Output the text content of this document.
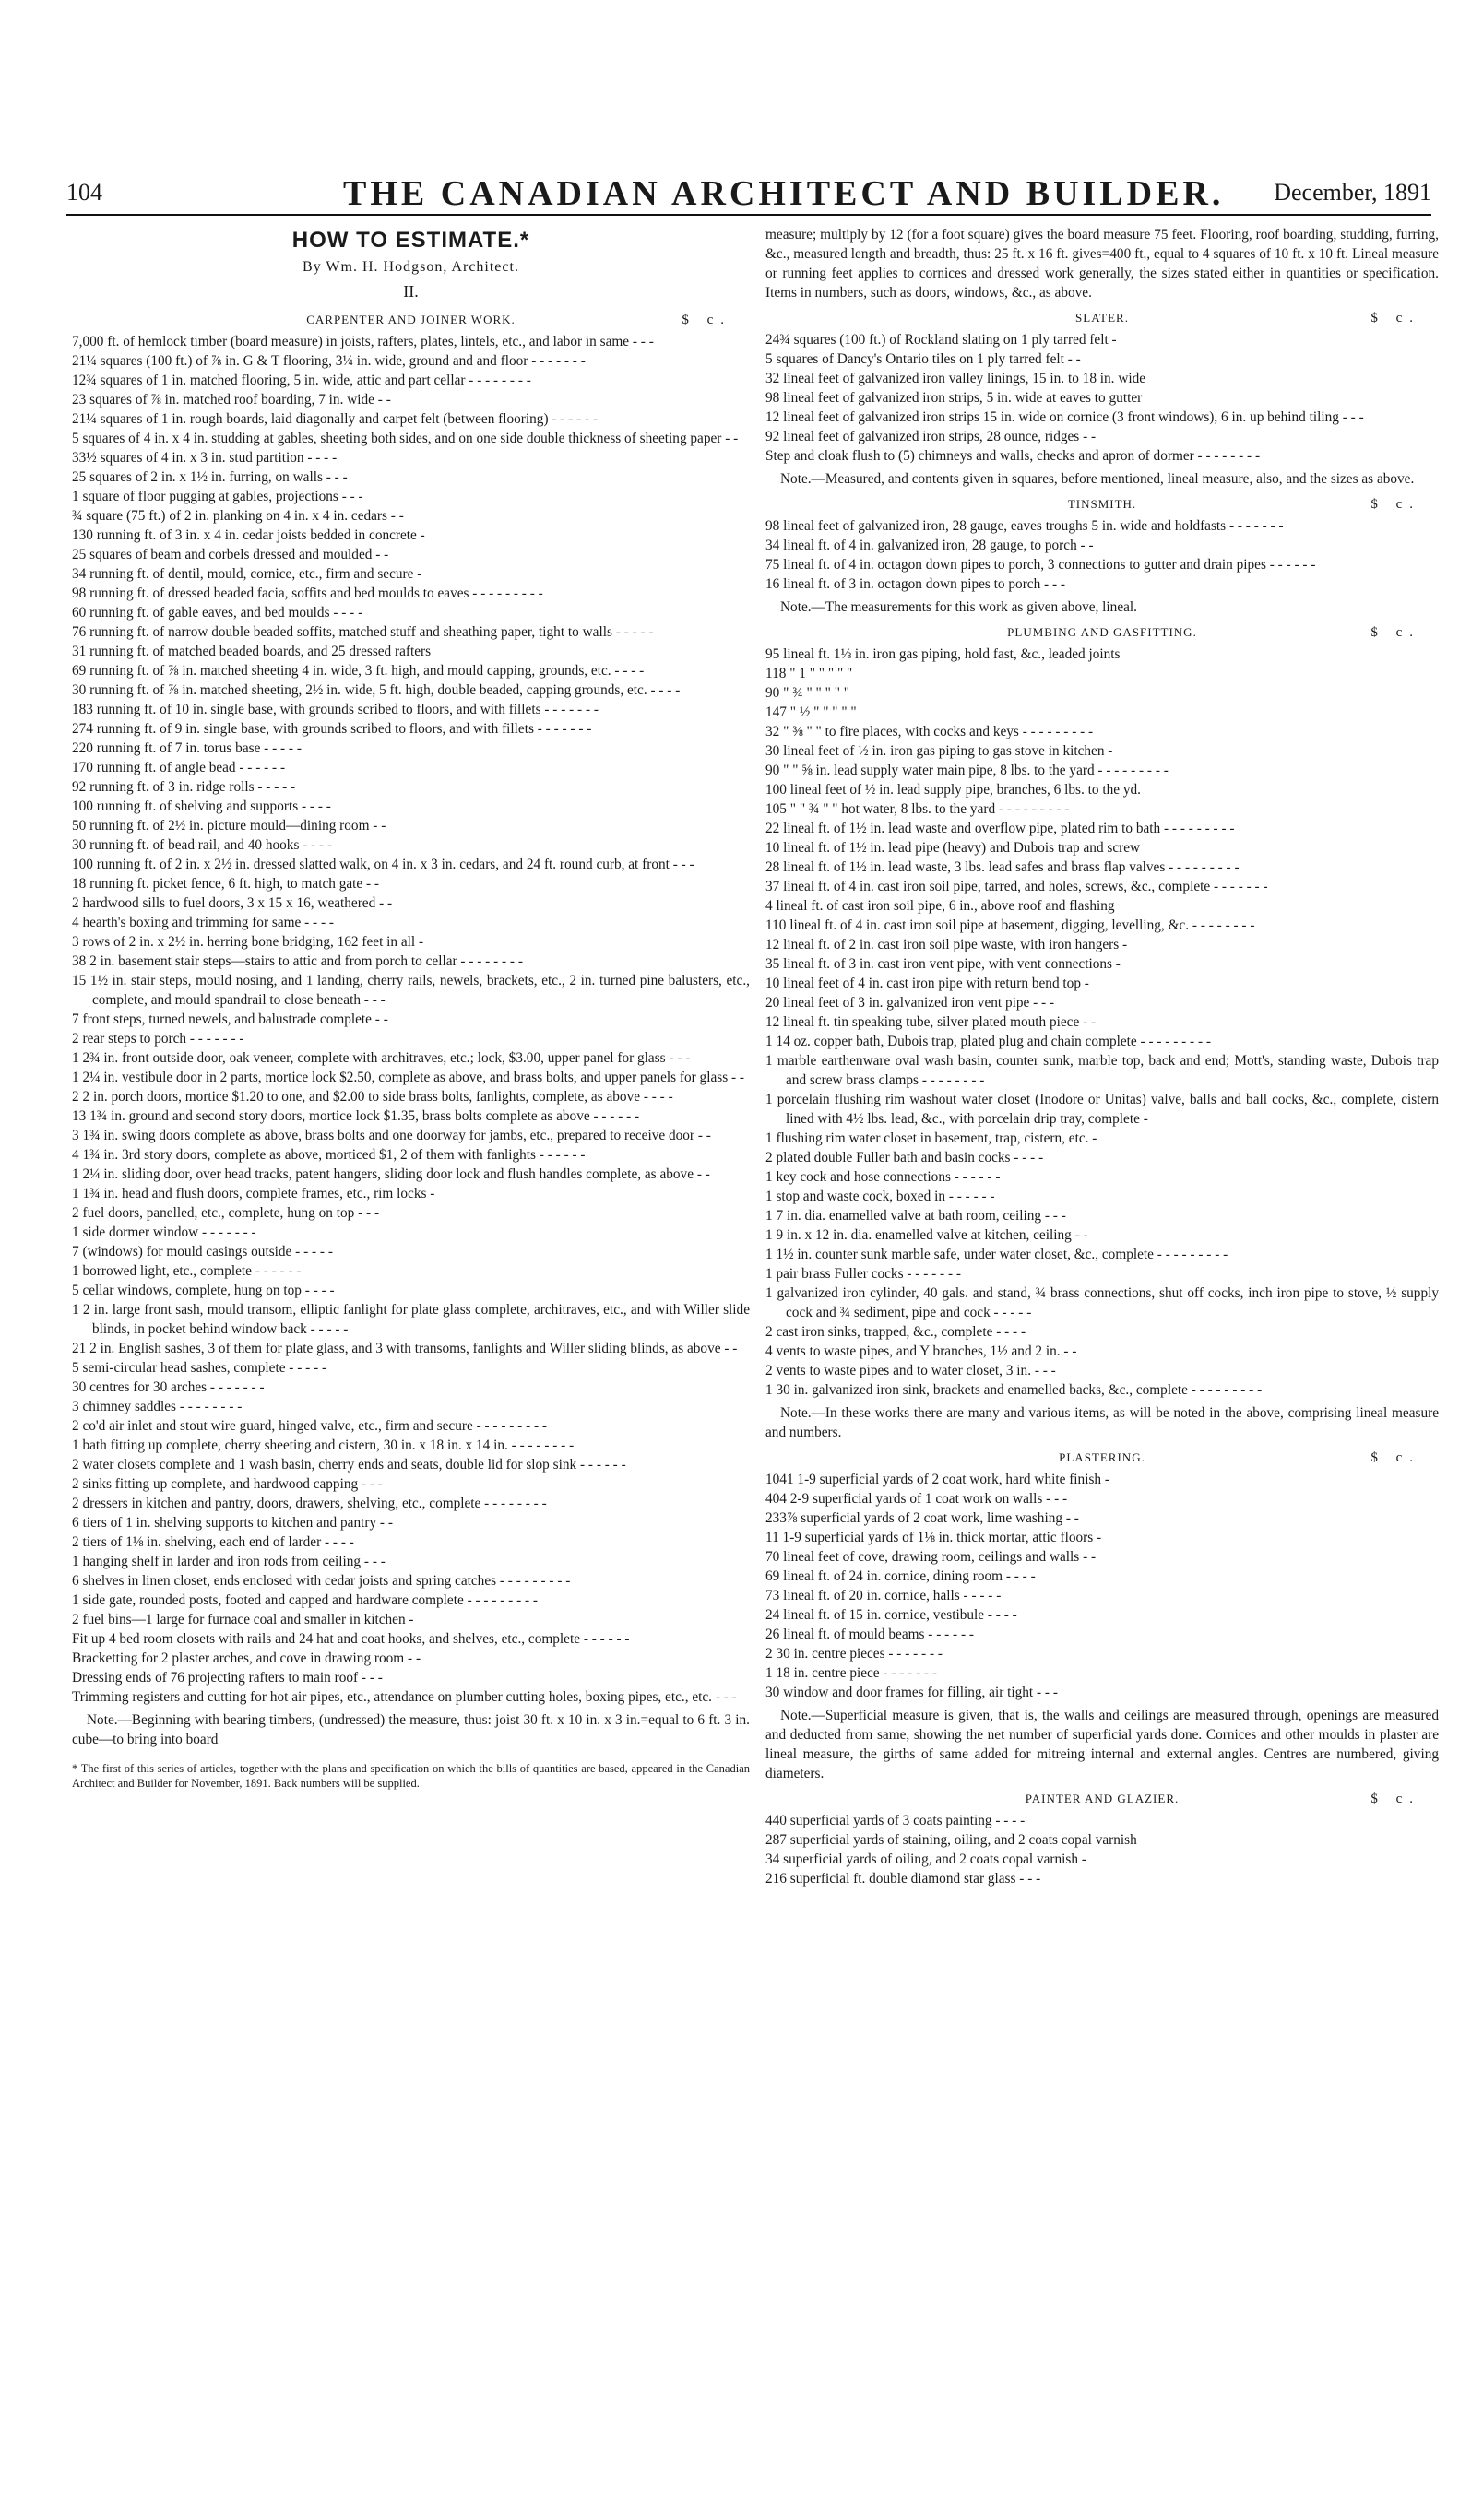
104	THE CANADIAN ARCHITECT AND BUILDER. December, 1891
HOW TO ESTIMATE.*
By Wm. H. Hodgson, Architect.
II.
CARPENTER AND JOINER WORK.	$ c.

7,000 ft. of hemlock timber (board measure) in joists, rafters, plates, lintels, etc., and labor in same - - -

21¼ squares (100 ft.) of ⅞ in. G & T flooring, 3¼ in. wide, ground and and floor - - - - - - -

12¾ squares of 1 in. matched flooring, 5 in. wide, attic and part cellar - - - - - - - -

23 squares of ⅞ in. matched roof boarding, 7 in. wide - -

21¼ squares of 1 in. rough boards, laid diagonally and carpet felt (between flooring) - - - - - -

5 squares of 4 in. x 4 in. studding at gables, sheeting both sides, and on one side double thickness of sheeting paper - -

33½ squares of 4 in. x 3 in. stud partition - - - -

25 squares of 2 in. x 1½ in. furring, on walls - - -

1 square of floor pugging at gables, projections - - -

¾ square (75 ft.) of 2 in. planking on 4 in. x 4 in. cedars - -

130 running ft. of 3 in. x 4 in. cedar joists bedded in concrete -

25 squares of beam and corbels dressed and moulded - -

34 running ft. of dentil, mould, cornice, etc., firm and secure -

98 running ft. of dressed beaded facia, soffits and bed moulds to eaves - - - - - - - - -

60 running ft. of gable eaves, and bed moulds - - - -

76 running ft. of narrow double beaded soffits, matched stuff and sheathing paper, tight to walls - - - - -

31 running ft. of matched beaded boards, and 25 dressed rafters

69 running ft. of ⅞ in. matched sheeting 4 in. wide, 3 ft. high, and mould capping, grounds, etc. - - - -

30 running ft. of ⅞ in. matched sheeting, 2½ in. wide, 5 ft. high, double beaded, capping grounds, etc. - - - -

183 running ft. of 10 in. single base, with grounds scribed to floors, and with fillets - - - - - - -

274 running ft. of 9 in. single base, with grounds scribed to floors, and with fillets - - - - - - -

220 running ft. of 7 in. torus base - - - - -

170 running ft. of angle bead - - - - - -

92 running ft. of 3 in. ridge rolls - - - - -

100 running ft. of shelving and supports - - - -

50 running ft. of 2½ in. picture mould—dining room - -

30 running ft. of bead rail, and 40 hooks - - - -

100 running ft. of 2 in. x 2½ in. dressed slatted walk, on 4 in. x 3 in. cedars, and 24 ft. round curb, at front - - -

18 running ft. picket fence, 6 ft. high, to match gate - -

2 hardwood sills to fuel doors, 3 x 15 x 16, weathered - -

4 hearth's boxing and trimming for same - - - -

3 rows of 2 in. x 2½ in. herring bone bridging, 162 feet in all -

38 2 in. basement stair steps—stairs to attic and from porch to cellar - - - - - - - -

15 1½ in. stair steps, mould nosing, and 1 landing, cherry rails, newels, brackets, etc., 2 in. turned pine balusters, etc., complete, and mould spandrail to close beneath - - -

7 front steps, turned newels, and balustrade complete - -

2 rear steps to porch - - - - - - -

1 2¾ in. front outside door, oak veneer, complete with architraves, etc.; lock, $3.00, upper panel for glass - - -

1 2¼ in. vestibule door in 2 parts, mortice lock $2.50, complete as above, and brass bolts, and upper panels for glass - -

2 2 in. porch doors, mortice $1.20 to one, and $2.00 to side brass bolts, fanlights, complete, as above - - - -

13 1¾ in. ground and second story doors, mortice lock $1.35, brass bolts complete as above - - - - - -

3 1¾ in. swing doors complete as above, brass bolts and one doorway for jambs, etc., prepared to receive door - -

4 1¾ in. 3rd story doors, complete as above, morticed $1, 2 of them with fanlights - - - - - -

1 2¼ in. sliding door, over head tracks, patent hangers, sliding door lock and flush handles complete, as above - -

1 1¾ in. head and flush doors, complete frames, etc., rim locks -

2 fuel doors, panelled, etc., complete, hung on top - - -

1 side dormer window - - - - - - -

7 (windows) for mould casings outside - - - - -

1 borrowed light, etc., complete - - - - - -

5 cellar windows, complete, hung on top - - - -

1 2 in. large front sash, mould transom, elliptic fanlight for plate glass complete, architraves, etc., and with Willer slide blinds, in pocket behind window back - - - - -

21 2 in. English sashes, 3 of them for plate glass, and 3 with transoms, fanlights and Willer sliding blinds, as above - -

5 semi-circular head sashes, complete - - - - -

30 centres for 30 arches - - - - - - -

3 chimney saddles - - - - - - - -

2 co'd air inlet and stout wire guard, hinged valve, etc., firm and secure - - - - - - - - -

1 bath fitting up complete, cherry sheeting and cistern, 30 in. x 18 in. x 14 in. - - - - - - - -

2 water closets complete and 1 wash basin, cherry ends and seats, double lid for slop sink - - - - - -

2 sinks fitting up complete, and hardwood capping - - -

2 dressers in kitchen and pantry, doors, drawers, shelving, etc., complete - - - - - - - -

6 tiers of 1 in. shelving supports to kitchen and pantry - -

2 tiers of 1⅛ in. shelving, each end of larder - - - -

1 hanging shelf in larder and iron rods from ceiling - - -

6 shelves in linen closet, ends enclosed with cedar joists and spring catches - - - - - - - - -

1 side gate, rounded posts, footed and capped and hardware complete - - - - - - - - -

2 fuel bins—1 large for furnace coal and smaller in kitchen -

Fit up 4 bed room closets with rails and 24 hat and coat hooks, and shelves, etc., complete - - - - - -

Bracketting for 2 plaster arches, and cove in drawing room - -

Dressing ends of 76 projecting rafters to main roof - - -

Trimming registers and cutting for hot air pipes, etc., attendance on plumber cutting holes, boxing pipes, etc., etc. - - -

Note.—Beginning with bearing timbers, (undressed) the measure, thus: joist 30 ft. x 10 in. x 3 in.=equal to 6 ft. 3 in. cube—to bring into board

* The first of this series of articles, together with the plans and specification on which the bills of quantities are based, appeared in the Canadian Architect and Builder for November, 1891. Back numbers will be supplied.

measure; multiply by 12 (for a foot square) gives the board measure 75 feet. Flooring, roof boarding, studding, furring, &c., measured length and breadth, thus: 25 ft. x 16 ft. gives=400 ft., equal to 4 squares of 10 ft. x 10 ft. Lineal measure or running feet applies to cornices and dressed work generally, the sizes stated either in quantities or specification. Items in numbers, such as doors, windows, &c., as above.

SLATER.	$ c.

24¾ squares (100 ft.) of Rockland slating on 1 ply tarred felt -

5 squares of Dancy's Ontario tiles on 1 ply tarred felt - -

32 lineal feet of galvanized iron valley linings, 15 in. to 18 in. wide

98 lineal feet of galvanized iron strips, 5 in. wide at eaves to gutter

12 lineal feet of galvanized iron strips 15 in. wide on cornice (3 front windows), 6 in. up behind tiling - - -

92 lineal feet of galvanized iron strips, 28 ounce, ridges - -

Step and cloak flush to (5) chimneys and walls, checks and apron of dormer - - - - - - - -

Note.—Measured, and contents given in squares, before mentioned, lineal measure, also, and the sizes as above.

TINSMITH.	$ c.

98 lineal feet of galvanized iron, 28 gauge, eaves troughs 5 in. wide and holdfasts - - - - - - -

34 lineal ft. of 4 in. galvanized iron, 28 gauge, to porch - -

75 lineal ft. of 4 in. octagon down pipes to porch, 3 connections to gutter and drain pipes - - - - - -

16 lineal ft. of 3 in. octagon down pipes to porch - - -

Note.—The measurements for this work as given above, lineal.

PLUMBING AND GASFITTING.	$ c.

95 lineal ft. 1⅛ in. iron gas piping, hold fast, &c., leaded joints

118 " 1 " " " " "

90 " ¾ " " " " "

147 " ½ " " " " "

32 " ⅜ " " to fire places, with cocks and keys - - - - - - - - -

30 lineal feet of ½ in. iron gas piping to gas stove in kitchen -

90 " " ⅝ in. lead supply water main pipe, 8 lbs. to the yard - - - - - - - - -

100 lineal feet of ½ in. lead supply pipe, branches, 6 lbs. to the yd.

105 " " ¾ " " hot water, 8 lbs. to the yard - - - - - - - - -

22 lineal ft. of 1½ in. lead waste and overflow pipe, plated rim to bath - - - - - - - - -

10 lineal ft. of 1½ in. lead pipe (heavy) and Dubois trap and screw

28 lineal ft. of 1½ in. lead waste, 3 lbs. lead safes and brass flap valves - - - - - - - - -

37 lineal ft. of 4 in. cast iron soil pipe, tarred, and holes, screws, &c., complete - - - - - - -

4 lineal ft. of cast iron soil pipe, 6 in., above roof and flashing

110 lineal ft. of 4 in. cast iron soil pipe at basement, digging, levelling, &c. - - - - - - - -

12 lineal ft. of 2 in. cast iron soil pipe waste, with iron hangers -

35 lineal ft. of 3 in. cast iron vent pipe, with vent connections -

10 lineal feet of 4 in. cast iron pipe with return bend top -

20 lineal feet of 3 in. galvanized iron vent pipe - - -

12 lineal ft. tin speaking tube, silver plated mouth piece - -

1 14 oz. copper bath, Dubois trap, plated plug and chain complete - - - - - - - - -

1 marble earthenware oval wash basin, counter sunk, marble top, back and end; Mott's, standing waste, Dubois trap and screw brass clamps - - - - - - - -

1 porcelain flushing rim washout water closet (Inodore or Unitas) valve, balls and ball cocks, &c., complete, cistern lined with 4½ lbs. lead, &c., with porcelain drip tray, complete -

1 flushing rim water closet in basement, trap, cistern, etc. -

2 plated double Fuller bath and basin cocks - - - -

1 key cock and hose connections - - - - - -

1 stop and waste cock, boxed in - - - - - -

1 7 in. dia. enamelled valve at bath room, ceiling - - -

1 9 in. x 12 in. dia. enamelled valve at kitchen, ceiling - -

1 1½ in. counter sunk marble safe, under water closet, &c., complete - - - - - - - - -

1 pair brass Fuller cocks - - - - - - -

1 galvanized iron cylinder, 40 gals. and stand, ¾ brass connections, shut off cocks, inch iron pipe to stove, ½ supply cock and ¾ sediment, pipe and cock - - - - -

2 cast iron sinks, trapped, &c., complete - - - -

4 vents to waste pipes, and Y branches, 1½ and 2 in. - -

2 vents to waste pipes and to water closet, 3 in. - - -

1 30 in. galvanized iron sink, brackets and enamelled backs, &c., complete - - - - - - - - -

Note.—In these works there are many and various items, as will be noted in the above, comprising lineal measure and numbers.

PLASTERING.	$ c.

1041 1-9 superficial yards of 2 coat work, hard white finish -

404 2-9 superficial yards of 1 coat work on walls - - -

233⅞ superficial yards of 2 coat work, lime washing - -

11 1-9 superficial yards of 1⅛ in. thick mortar, attic floors -

70 lineal feet of cove, drawing room, ceilings and walls - -

69 lineal ft. of 24 in. cornice, dining room - - - -

73 lineal ft. of 20 in. cornice, halls - - - - -

24 lineal ft. of 15 in. cornice, vestibule - - - -

26 lineal ft. of mould beams - - - - - -

2 30 in. centre pieces - - - - - - -

1 18 in. centre piece - - - - - - -

30 window and door frames for filling, air tight - - -

Note.—Superficial measure is given, that is, the walls and ceilings are measured through, openings are measured and deducted from same, showing the net number of superficial yards done. Cornices and other moulds in plaster are lineal measure, the girths of same added for mitreing internal and external angles. Centres are numbered, giving diameters.

PAINTER AND GLAZIER.	$ c.

440 superficial yards of 3 coats painting - - - -

287 superficial yards of staining, oiling, and 2 coats copal varnish

34 superficial yards of oiling, and 2 coats copal varnish -

216 superficial ft. double diamond star glass - - -
